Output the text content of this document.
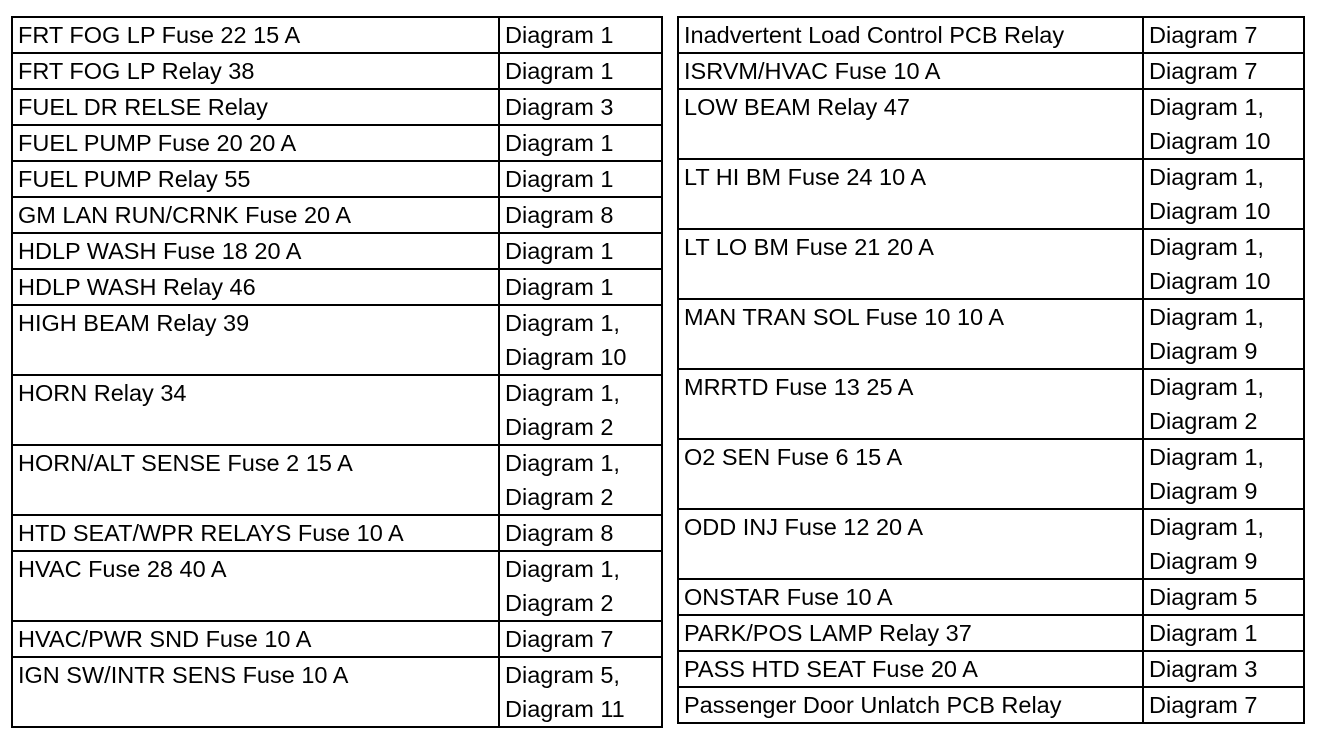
FRT FOG LP Fuse 22 15 A	Diagram 1
FRT FOG LP Relay 38	Diagram 1
FUEL DR RELSE Relay	Diagram 3
FUEL PUMP Fuse 20 20 A	Diagram 1
FUEL PUMP Relay 55	Diagram 1
GM LAN RUN/CRNK Fuse 20 A	Diagram 8
HDLP WASH Fuse 18 20 A	Diagram 1
HDLP WASH Relay 46	Diagram 1
HIGH BEAM Relay 39	Diagram 1,
Diagram 10
HORN Relay 34	Diagram 1,
Diagram 2
HORN/ALT SENSE Fuse 2 15 A	Diagram 1,
Diagram 2
HTD SEAT/WPR RELAYS Fuse 10 A	Diagram 8
HVAC Fuse 28 40 A	Diagram 1,
Diagram 2
HVAC/PWR SND Fuse 10 A	Diagram 7
IGN SW/INTR SENS Fuse 10 A	Diagram 5,
Diagram 11
Inadvertent Load Control PCB Relay	Diagram 7
ISRVM/HVAC Fuse 10 A	Diagram 7
LOW BEAM Relay 47	Diagram 1,
Diagram 10
LT HI BM Fuse 24 10 A	Diagram 1,
Diagram 10
LT LO BM Fuse 21 20 A	Diagram 1,
Diagram 10
MAN TRAN SOL Fuse 10 10 A	Diagram 1,
Diagram 9
MRRTD Fuse 13 25 A	Diagram 1,
Diagram 2
O2 SEN Fuse 6 15 A	Diagram 1,
Diagram 9
ODD INJ Fuse 12 20 A	Diagram 1,
Diagram 9
ONSTAR Fuse 10 A	Diagram 5
PARK/POS LAMP Relay 37	Diagram 1
PASS HTD SEAT Fuse 20 A	Diagram 3
Passenger Door Unlatch PCB Relay	Diagram 7
